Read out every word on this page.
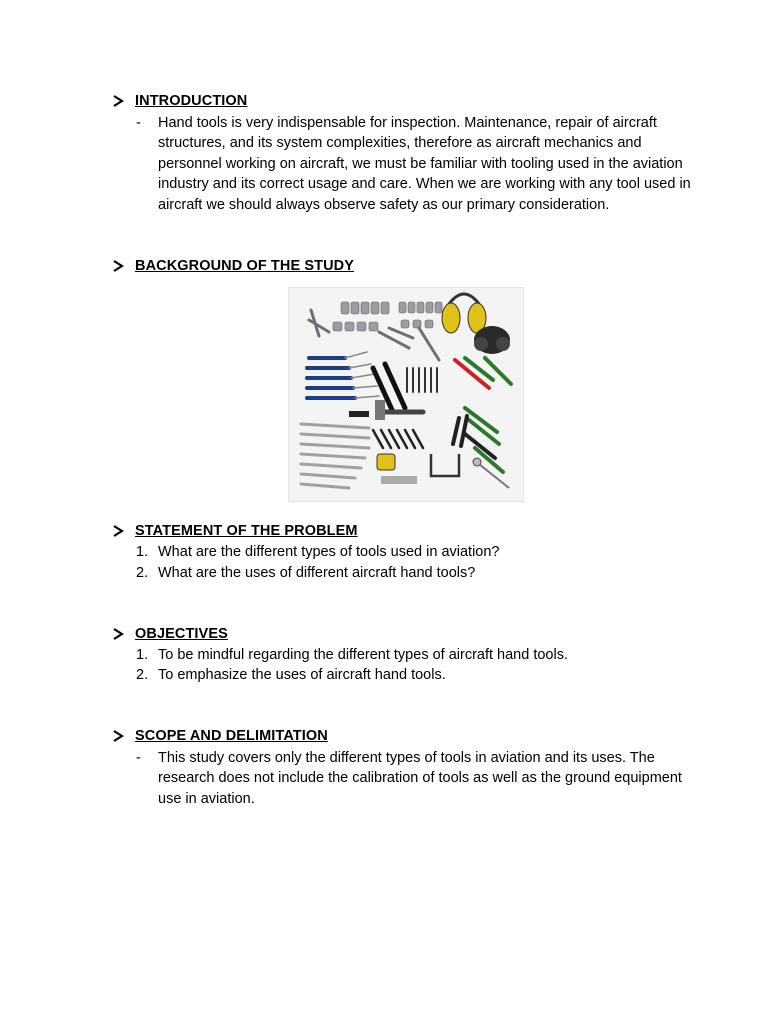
INTRODUCTION
- Hand tools is very indispensable for inspection. Maintenance, repair of aircraft structures, and its system complexities, therefore as aircraft mechanics and personnel working on aircraft, we must be familiar with tooling used in the aviation industry and its correct usage and care. When we are working with any tool used in aircraft we should always observe safety as our primary consideration.
BACKGROUND OF THE STUDY
STATEMENT OF THE PROBLEM
1. What are the different types of tools used in aviation?
2. What are the uses of different aircraft hand tools?
OBJECTIVES
1. To be mindful regarding the different types of aircraft hand tools.
2. To emphasize the uses of aircraft hand tools.
SCOPE AND DELIMITATION
- This study covers only the different types of tools in aviation and its uses. The research does not include the calibration of tools as well as the ground equipment use in aviation.
